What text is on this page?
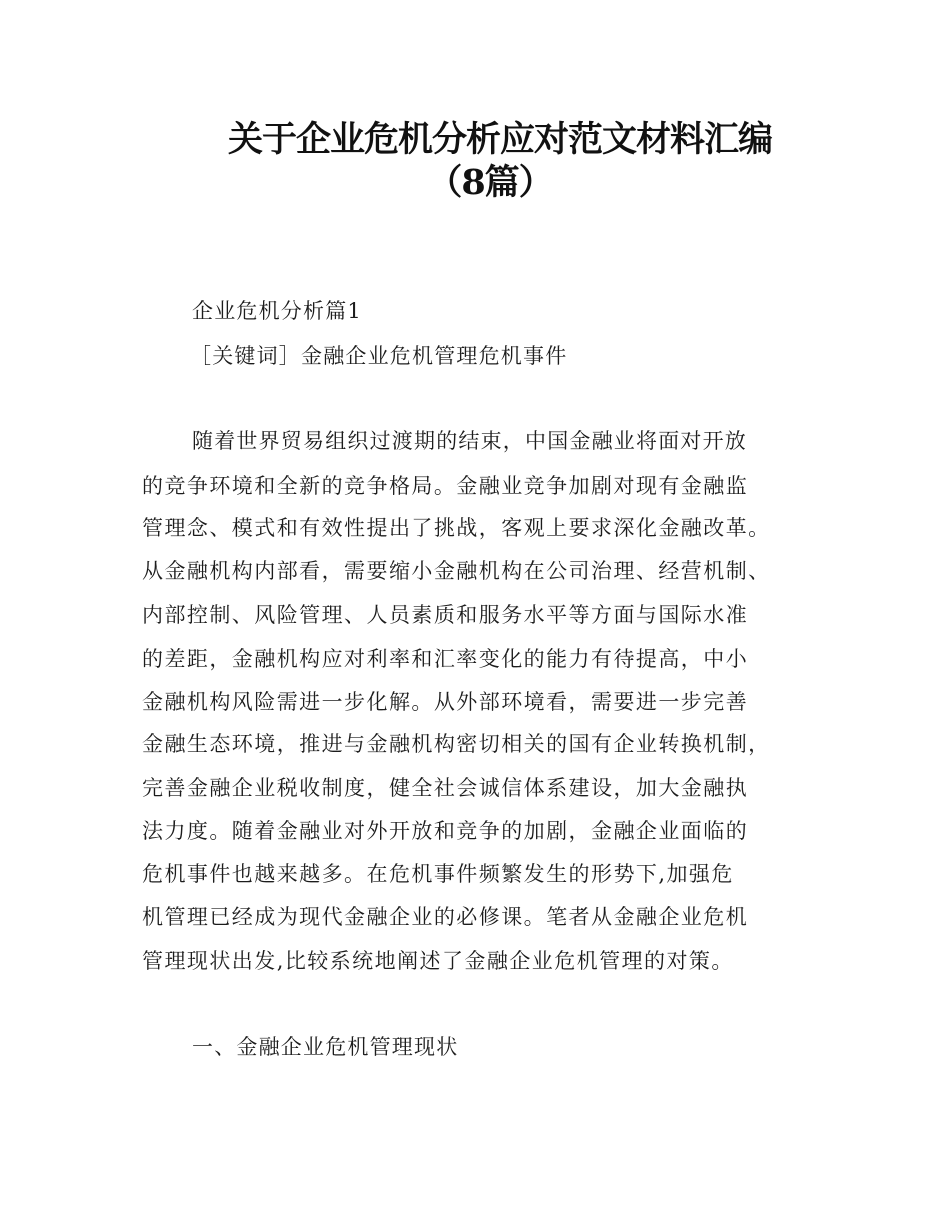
关于企业危机分析应对范文材料汇编
（8篇）
企业危机分析篇1
［关键词］金融企业危机管理危机事件
随着世界贸易组织过渡期的结束，中国金融业将面对开放
的竞争环境和全新的竞争格局。金融业竞争加剧对现有金融监
管理念、模式和有效性提出了挑战，客观上要求深化金融改革。
从金融机构内部看，需要缩小金融机构在公司治理、经营机制、
内部控制、风险管理、人员素质和服务水平等方面与国际水准
的差距，金融机构应对利率和汇率变化的能力有待提高，中小
金融机构风险需进一步化解。从外部环境看，需要进一步完善
金融生态环境，推进与金融机构密切相关的国有企业转换机制，
完善金融企业税收制度，健全社会诚信体系建设，加大金融执
法力度。随着金融业对外开放和竞争的加剧，金融企业面临的
危机事件也越来越多。在危机事件频繁发生的形势下,加强危
机管理已经成为现代金融企业的必修课。笔者从金融企业危机
管理现状出发,比较系统地阐述了金融企业危机管理的对策。
一、金融企业危机管理现状
